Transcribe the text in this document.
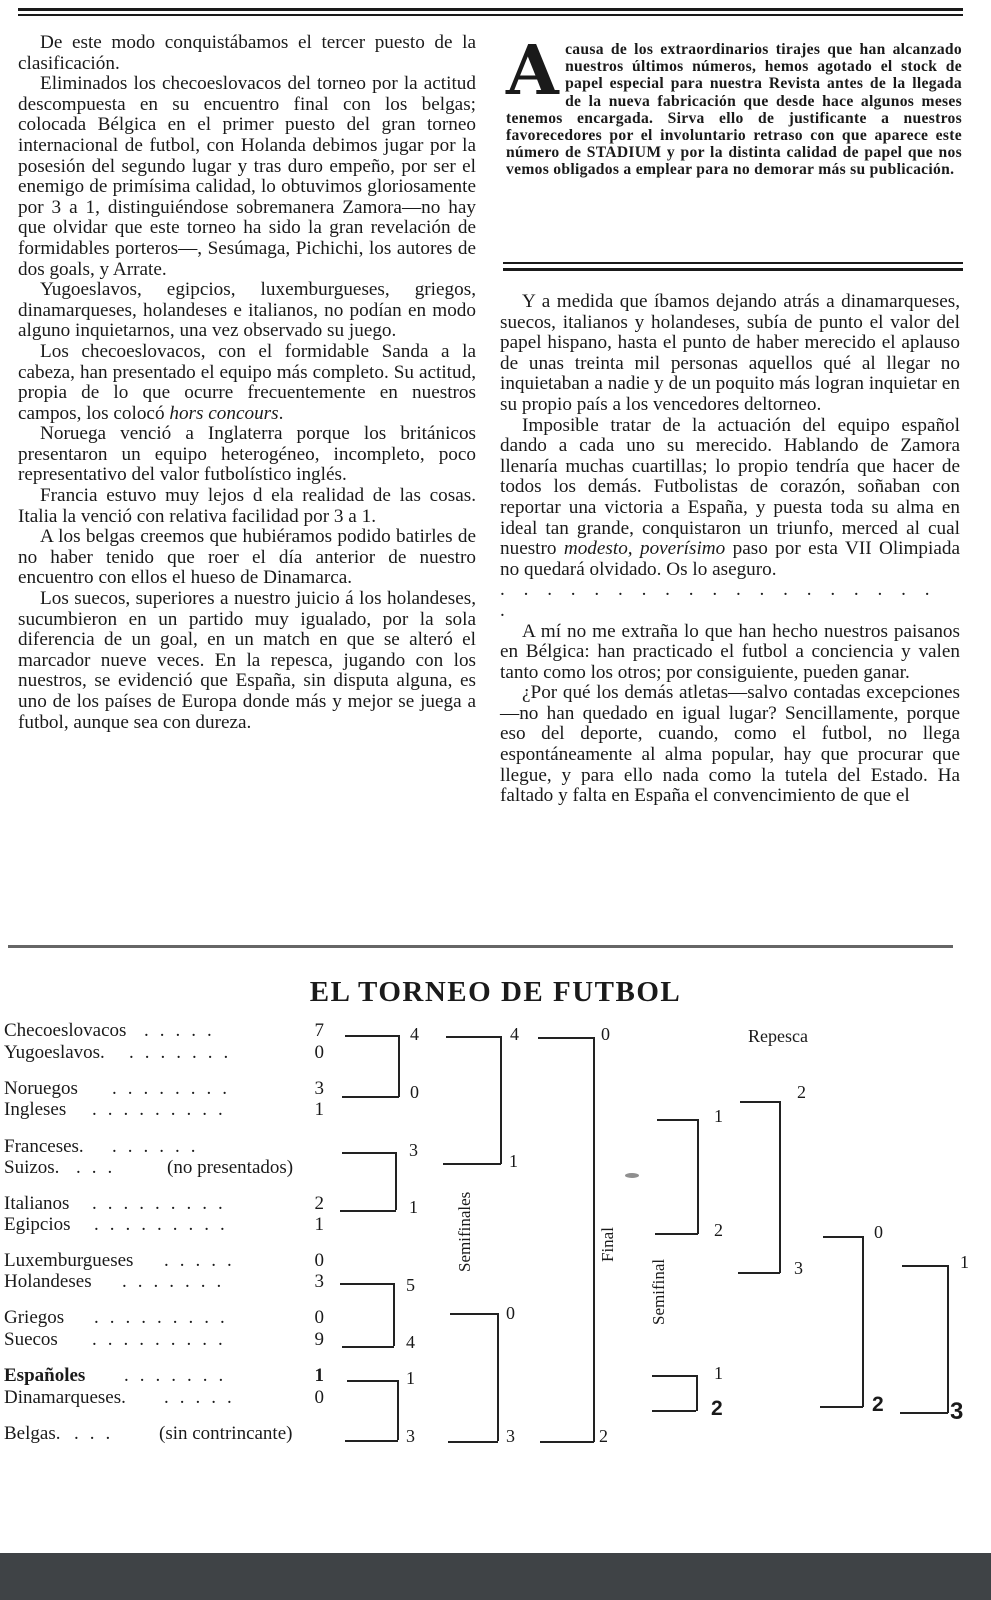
De este modo conquistábamos el tercer puesto de la clasificación.

Eliminados los checoeslovacos del torneo por la actitud descompuesta en su encuentro final con los belgas; colocada Bélgica en el primer puesto del gran torneo internacional de futbol, con Holanda debimos jugar por la posesión del segundo lugar y tras duro empeño, por ser el enemigo de primísima calidad, lo obtuvimos gloriosamente por 3 a 1, distinguiéndose sobremanera Zamora—no hay que olvidar que este torneo ha sido la gran revelación de formidables porteros—, Sesúmaga, Pichichi, los autores de dos goals, y Arrate.

Yugoeslavos, egipcios, luxemburgueses, griegos, dinamarqueses, holandeses e italianos, no podían en modo alguno inquietarnos, una vez observado su juego.

Los checoeslovacos, con el formidable Sanda a la cabeza, han presentado el equipo más completo. Su actitud, propia de lo que ocurre frecuentemente en nuestros campos, los colocó hors concours.

Noruega venció a Inglaterra porque los británicos presentaron un equipo heterogéneo, incompleto, poco representativo del valor futbolístico inglés.

Francia estuvo muy lejos d ela realidad de las cosas. Italia la venció con relativa facilidad por 3 a 1.

A los belgas creemos que hubiéramos podido batirles de no haber tenido que roer el día anterior de nuestro encuentro con ellos el hueso de Dinamarca.

Los suecos, superiores a nuestro juicio á los holandeses, sucumbieron en un partido muy igualado, por la sola diferencia de un goal, en un match en que se alteró el marcador nueve veces. En la repesca, jugando con los nuestros, se evidenció que España, sin disputa alguna, es uno de los países de Europa donde más y mejor se juega a futbol, aunque sea con dureza.

A causa de los extraordinarios tirajes que han alcanzado nuestros últimos números, hemos agotado el stock de papel especial para nuestra Revista antes de la llegada de la nueva fabricación que desde hace algunos meses tenemos encargada. Sirva ello de justificante a nuestros favorecedores por el involuntario retraso con que aparece este número de STADIUM y por la distinta calidad de papel que nos vemos obligados a emplear para no demorar más su publicación.

Y a medida que íbamos dejando atrás a dinamarqueses, suecos, italianos y holandeses, subía de punto el valor del papel hispano, hasta el punto de haber merecido el aplauso de unas treinta mil personas aquellos qué al llegar no inquietaban a nadie y de un poquito más logran inquietar en su propio país a los vencedores deltorneo.

Imposible tratar de la actuación del equipo español dando a cada uno su merecido. Hablando de Zamora llenaría muchas cuartillas; lo propio tendría que hacer de todos los demás. Futbolistas de corazón, soñaban con reportar una victoria a España, y puesta toda su alma en ideal tan grande, conquistaron un triunfo, merced al cual nuestro modesto, poverísimo paso por esta VII Olimpiada no quedará olvidado. Os lo aseguro.

. . . . . . . . . . . . . . . . . . . .

A mí no me extraña lo que han hecho nuestros paisanos en Bélgica: han practicado el futbol a conciencia y valen tanto como los otros; por consiguiente, pueden ganar.

¿Por qué los demás atletas—salvo contadas excepciones—no han quedado en igual lugar? Sencillamente, porque eso del deporte, cuando, como el futbol, no llega espontáneamente al alma popular, hay que procurar que llegue, y para ello nada como la tutela del Estado. Ha faltado y falta en España el convencimiento de que el

EL TORNEO DE FUTBOL
Checoeslovacos .....	7
Yugoeslavos. .......	0
Noruegos ........	3
Ingleses .........	1
Franceses. ......
Suizos. ...	(no presentados)
Italianos .........	2
Egipcios .........	1
Luxemburgueses .....	0
Holandeses .......	3
Griegos .........	0
Suecos .........	9
Españoles .......	1
Dinamarqueses. .....	0
Belgas. ...	(sin contrincante)
4
0
3
1
5
4
1
3
Semifinales
4
1
0
3
Final
0
2
Repesca
Semifinal
1
2
1
2
2
3
0
2
1
3
